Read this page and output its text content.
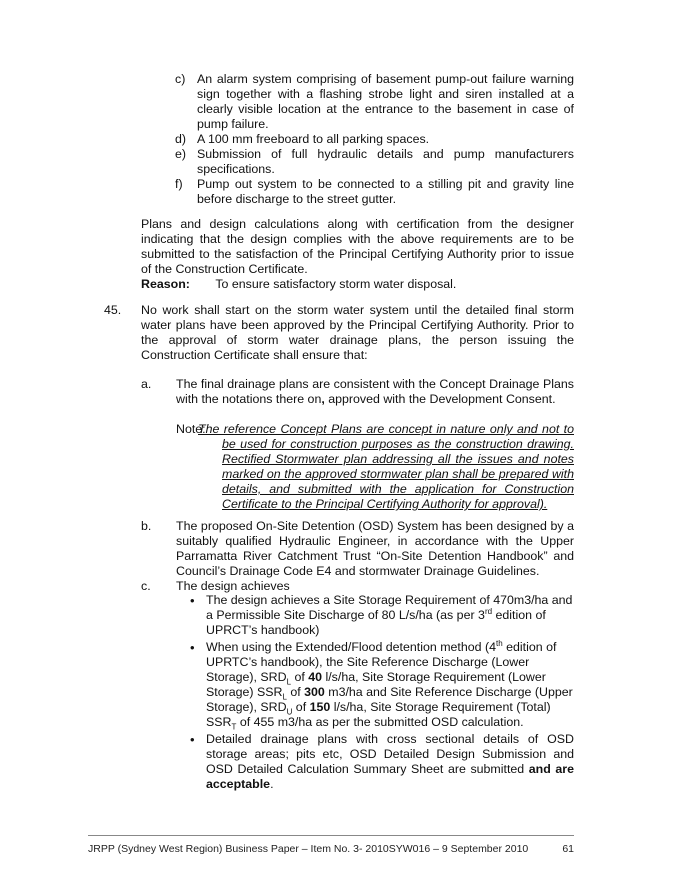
c) An alarm system comprising of basement pump-out failure warning sign together with a flashing strobe light and siren installed at a clearly visible location at the entrance to the basement in case of pump failure.
d) A 100 mm freeboard to all parking spaces.
e) Submission of full hydraulic details and pump manufacturers specifications.
f) Pump out system to be connected to a stilling pit and gravity line before discharge to the street gutter.
Plans and design calculations along with certification from the designer indicating that the design complies with the above requirements are to be submitted to the satisfaction of the Principal Certifying Authority prior to issue of the Construction Certificate.
Reason: To ensure satisfactory storm water disposal.
45. No work shall start on the storm water system until the detailed final storm water plans have been approved by the Principal Certifying Authority. Prior to the approval of storm water drainage plans, the person issuing the Construction Certificate shall ensure that:
a. The final drainage plans are consistent with the Concept Drainage Plans with the notations there on, approved with the Development Consent.
Note:
The reference Concept Plans are concept in nature only and not to be used for construction purposes as the construction drawing. Rectified Stormwater plan addressing all the issues and notes marked on the approved stormwater plan shall be prepared with details, and submitted with the application for Construction Certificate to the Principal Certifying Authority for approval).
b. The proposed On-Site Detention (OSD) System has been designed by a suitably qualified Hydraulic Engineer, in accordance with the Upper Parramatta River Catchment Trust “On-Site Detention Handbook” and Council’s Drainage Code E4 and stormwater Drainage Guidelines.
c. The design achieves
• The design achieves a Site Storage Requirement of 470m3/ha and a Permissible Site Discharge of 80 L/s/ha (as per 3rd edition of UPRCT’s handbook)
• When using the Extended/Flood detention method (4th edition of UPRTC’s handbook), the Site Reference Discharge (Lower Storage), $SRD_L$ of 40 l/s/ha, Site Storage Requirement (Lower Storage) $SSR_L$ of 300 m3/ha and Site Reference Discharge (Upper Storage), $SRD_U$ of 150 l/s/ha, Site Storage Requirement (Total) $SSR_T$ of 455 m3/ha as per the submitted OSD calculation.
• Detailed drainage plans with cross sectional details of OSD storage areas; pits etc, OSD Detailed Design Submission and OSD Detailed Calculation Summary Sheet are submitted and are acceptable.
JRPP (Sydney West Region) Business Paper – Item No. 3- 2010SYW016 – 9 September 2010	61
